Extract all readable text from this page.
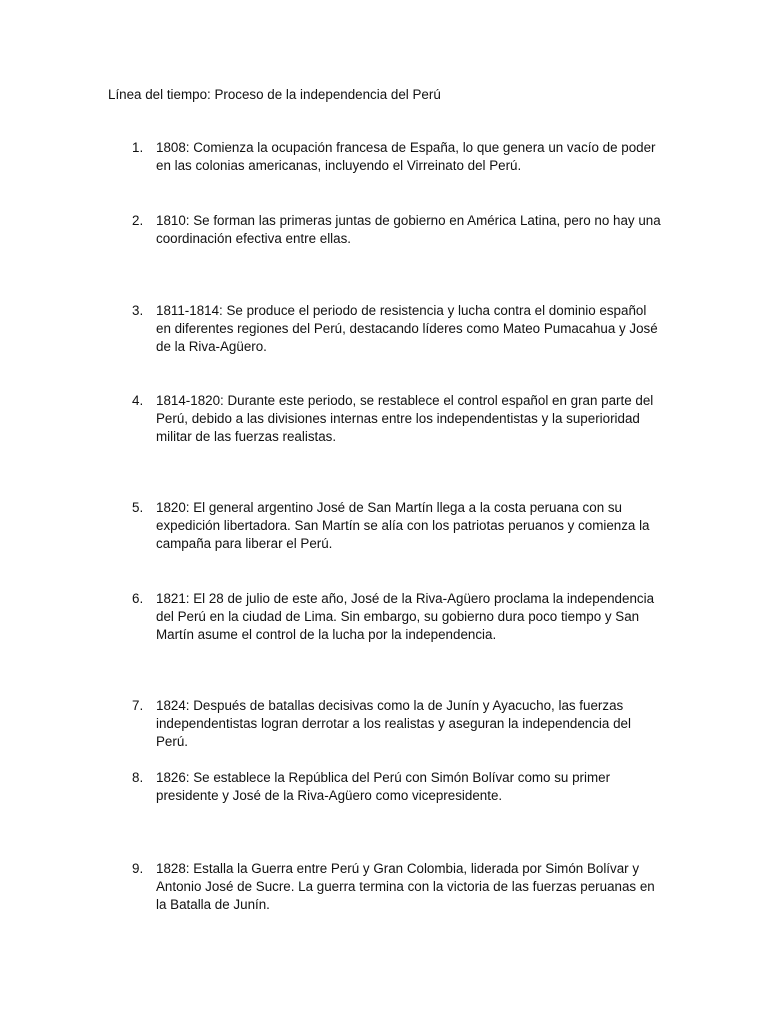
Línea del tiempo: Proceso de la independencia del Perú
1. 1808: Comienza la ocupación francesa de España, lo que genera un vacío de poder en las colonias americanas, incluyendo el Virreinato del Perú.
2. 1810: Se forman las primeras juntas de gobierno en América Latina, pero no hay una coordinación efectiva entre ellas.
3. 1811-1814: Se produce el periodo de resistencia y lucha contra el dominio español en diferentes regiones del Perú, destacando líderes como Mateo Pumacahua y José de la Riva-Agüero.
4. 1814-1820: Durante este periodo, se restablece el control español en gran parte del Perú, debido a las divisiones internas entre los independentistas y la superioridad militar de las fuerzas realistas.
5. 1820: El general argentino José de San Martín llega a la costa peruana con su expedición libertadora. San Martín se alía con los patriotas peruanos y comienza la campaña para liberar el Perú.
6. 1821: El 28 de julio de este año, José de la Riva-Agüero proclama la independencia del Perú en la ciudad de Lima. Sin embargo, su gobierno dura poco tiempo y San Martín asume el control de la lucha por la independencia.
7. 1824: Después de batallas decisivas como la de Junín y Ayacucho, las fuerzas independentistas logran derrotar a los realistas y aseguran la independencia del Perú.
8. 1826: Se establece la República del Perú con Simón Bolívar como su primer presidente y José de la Riva-Agüero como vicepresidente.
9. 1828: Estalla la Guerra entre Perú y Gran Colombia, liderada por Simón Bolívar y Antonio José de Sucre. La guerra termina con la victoria de las fuerzas peruanas en la Batalla de Junín.
